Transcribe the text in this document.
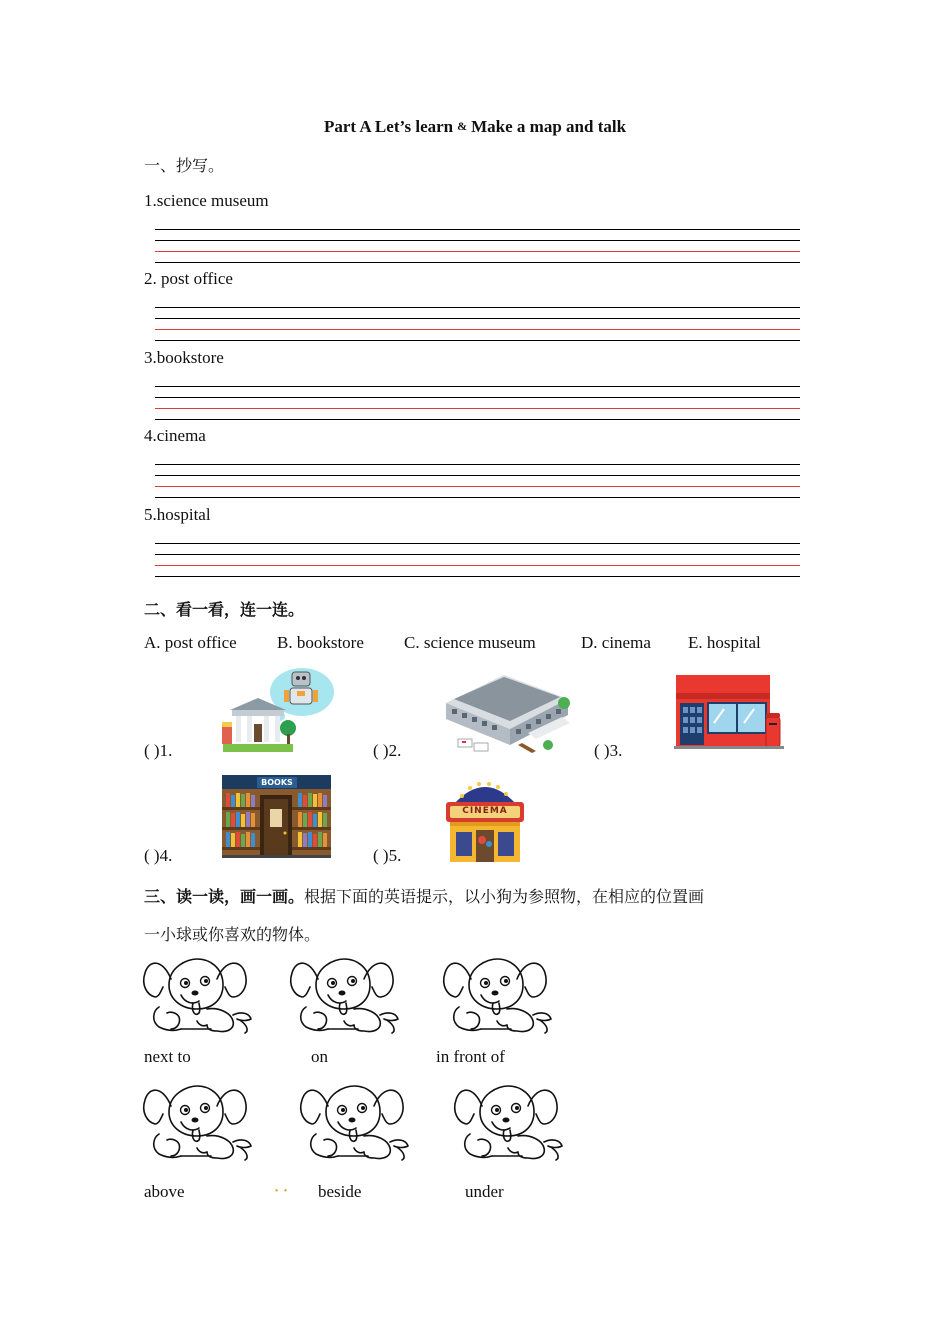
Part A Let’s learn & Make a map and talk
一、抄写。
1.science museum
2. post office
3.bookstore
4.cinema
5.hospital
二、看一看，连一连。
A. post office B. bookstore C. science museum	D. cinema E. hospital
( )1.	( )2.	( )3.
( )4.	( )5.
BOOKS
CINEMA
三、读一读，画一画。根据下面的英语提示，以小狗为参照物，在相应的位置画
一小球或你喜欢的物体。
next to	on	in front of
above	·· beside	under
